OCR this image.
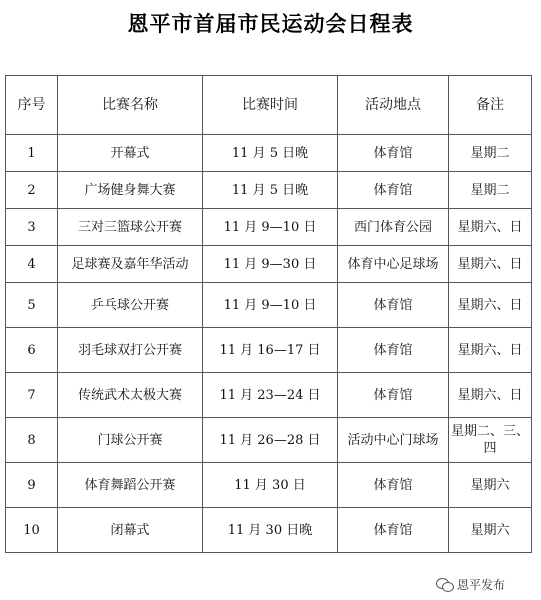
恩平市首届市民运动会日程表
序号	比赛名称	比赛时间	活动地点	备注
1	开幕式	11 月 5 日晚	体育馆	星期二
2	广场健身舞大赛	11 月 5 日晚	体育馆	星期二
3	三对三篮球公开赛	11 月 9—10 日	西门体育公园	星期六、日
4	足球赛及嘉年华活动	11 月 9—30 日	体育中心足球场	星期六、日
5	乒乓球公开赛	11 月 9—10 日	体育馆	星期六、日
6	羽毛球双打公开赛	11 月 16—17 日	体育馆	星期六、日
7	传统武术太极大赛	11 月 23—24 日	体育馆	星期六、日
8	门球公开赛	11 月 26—28 日	活动中心门球场	星期二、三、四
9	体育舞蹈公开赛	11 月 30 日	体育馆	星期六
10	闭幕式	11 月 30 日晚	体育馆	星期六
恩平发布
